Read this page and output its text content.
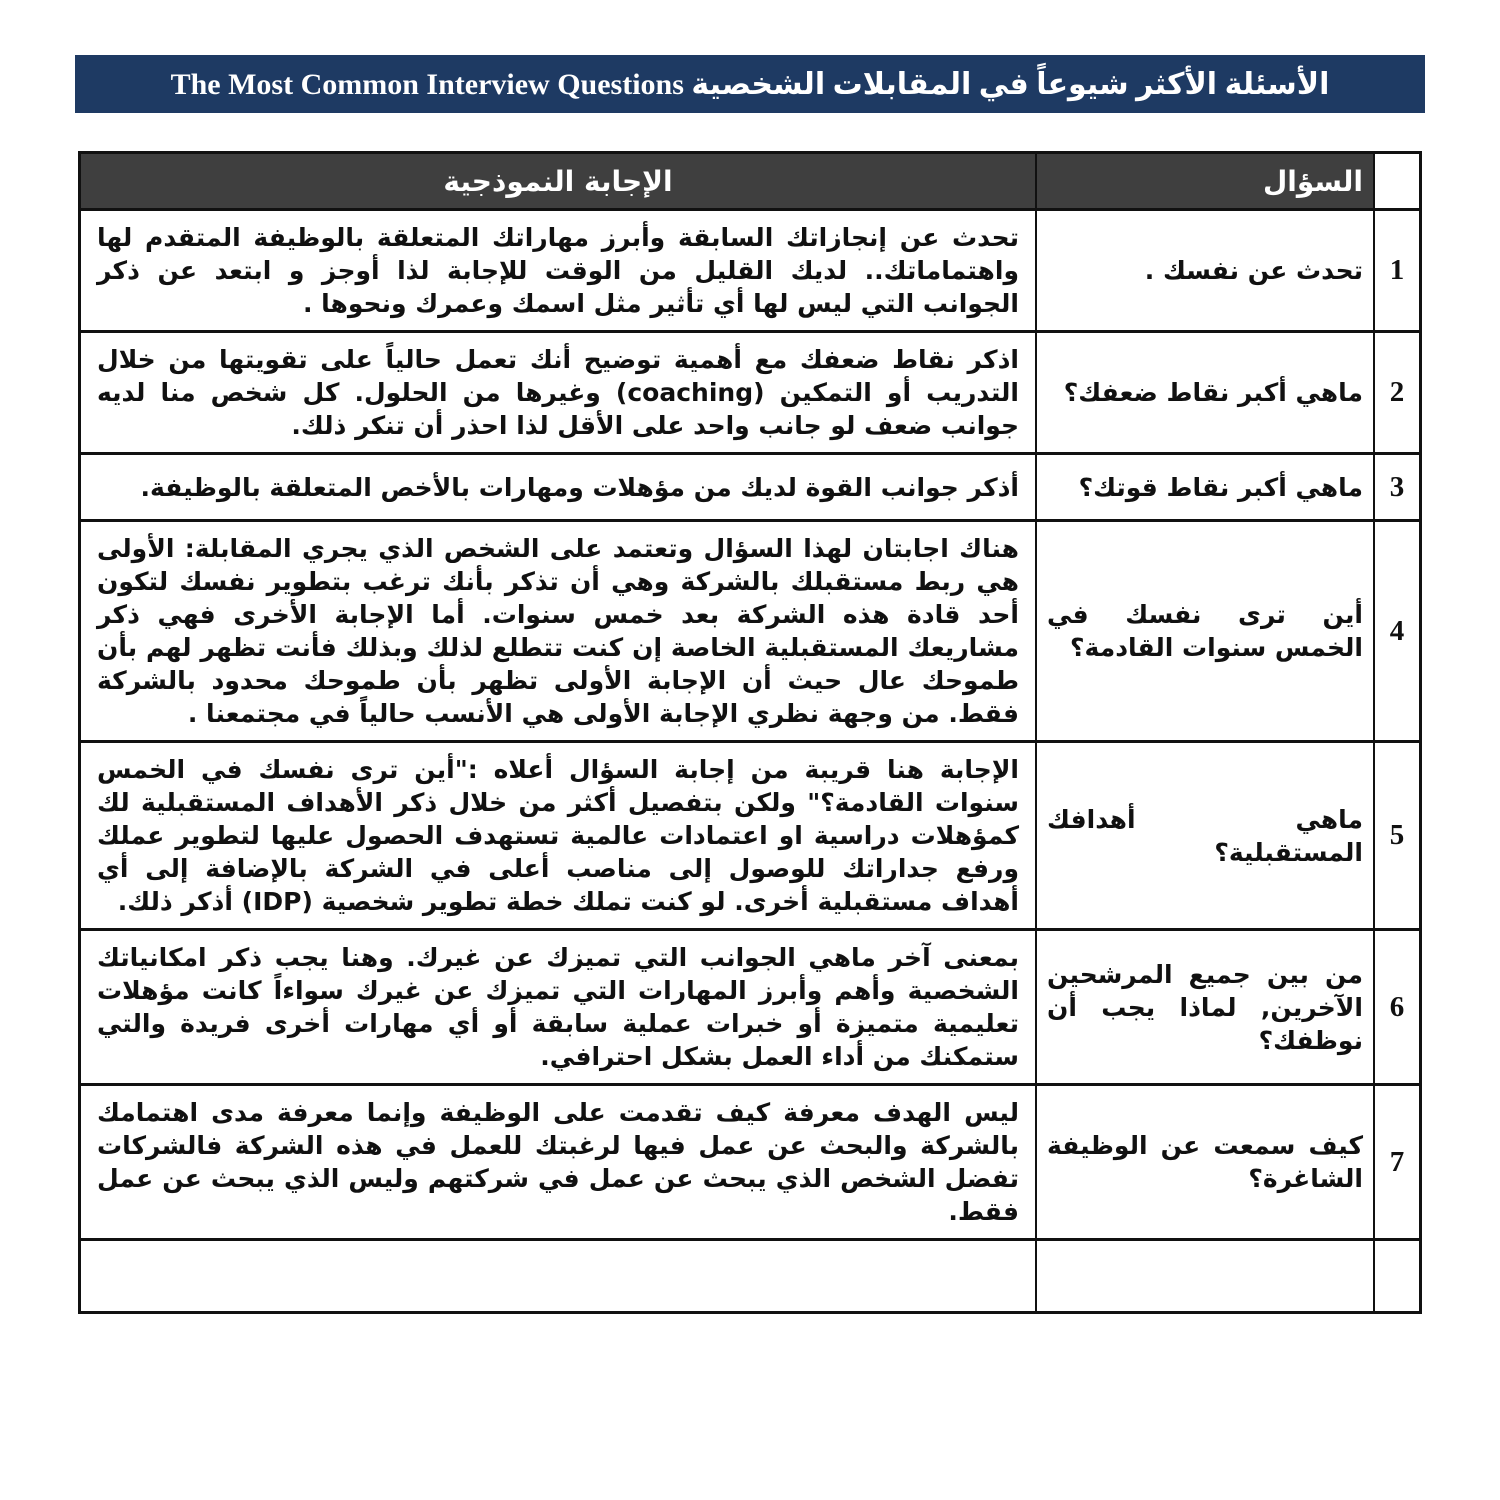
الأسئلة الأكثر شيوعاً في المقابلات الشخصية The Most Common Interview Questions
السؤال
الإجابة النموذجية
1
تحدث عن نفسك .
تحدث عن إنجازاتك السابقة وأبرز مهاراتك المتعلقة بالوظيفة المتقدم لها واهتماماتك.. لديك القليل من الوقت للإجابة لذا أوجز و ابتعد عن ذكر الجوانب التي ليس لها أي تأثير مثل اسمك وعمرك ونحوها .
2
ماهي أكبر نقاط ضعفك؟
اذكر نقاط ضعفك مع أهمية توضيح أنك تعمل حالياً على تقويتها من خلال التدريب أو التمكين (coaching) وغيرها من الحلول. كل شخص منا لديه جوانب ضعف لو جانب واحد على الأقل لذا احذر أن تنكر ذلك.
3
ماهي أكبر نقاط قوتك؟
أذكر جوانب القوة لديك من مؤهلات ومهارات بالأخص المتعلقة بالوظيفة.
4
أين ترى نفسك في الخمس سنوات القادمة؟
هناك اجابتان لهذا السؤال وتعتمد على الشخص الذي يجري المقابلة: الأولى هي ربط مستقبلك بالشركة وهي أن تذكر بأنك ترغب بتطوير نفسك لتكون أحد قادة هذه الشركة بعد خمس سنوات. أما الإجابة الأخرى فهي ذكر مشاريعك المستقبلية الخاصة إن كنت تتطلع لذلك وبذلك فأنت تظهر لهم بأن طموحك عال حيث أن الإجابة الأولى تظهر بأن طموحك محدود بالشركة فقط. من وجهة نظري الإجابة الأولى هي الأنسب حالياً في مجتمعنا .
5
ماهي أهدافك المستقبلية؟
الإجابة هنا قريبة من إجابة السؤال أعلاه :"أين ترى نفسك في الخمس سنوات القادمة؟" ولكن بتفصيل أكثر من خلال ذكر الأهداف المستقبلية لك كمؤهلات دراسية او اعتمادات عالمية تستهدف الحصول عليها لتطوير عملك ورفع جداراتك للوصول إلى مناصب أعلى في الشركة بالإضافة إلى أي أهداف مستقبلية أخرى. لو كنت تملك خطة تطوير شخصية (IDP) أذكر ذلك.
6
من بين جميع المرشحين الآخرين, لماذا يجب أن نوظفك؟
بمعنى آخر ماهي الجوانب التي تميزك عن غيرك. وهنا يجب ذكر امكانياتك الشخصية وأهم وأبرز المهارات التي تميزك عن غيرك سواءاً كانت مؤهلات تعليمية متميزة أو خبرات عملية سابقة أو أي مهارات أخرى فريدة والتي ستمكنك من أداء العمل بشكل احترافي.
7
كيف سمعت عن الوظيفة الشاغرة؟
ليس الهدف معرفة كيف تقدمت على الوظيفة وإنما معرفة مدى اهتمامك بالشركة والبحث عن عمل فيها لرغبتك للعمل في هذه الشركة فالشركات تفضل الشخص الذي يبحث عن عمل في شركتهم وليس الذي يبحث عن عمل فقط.
